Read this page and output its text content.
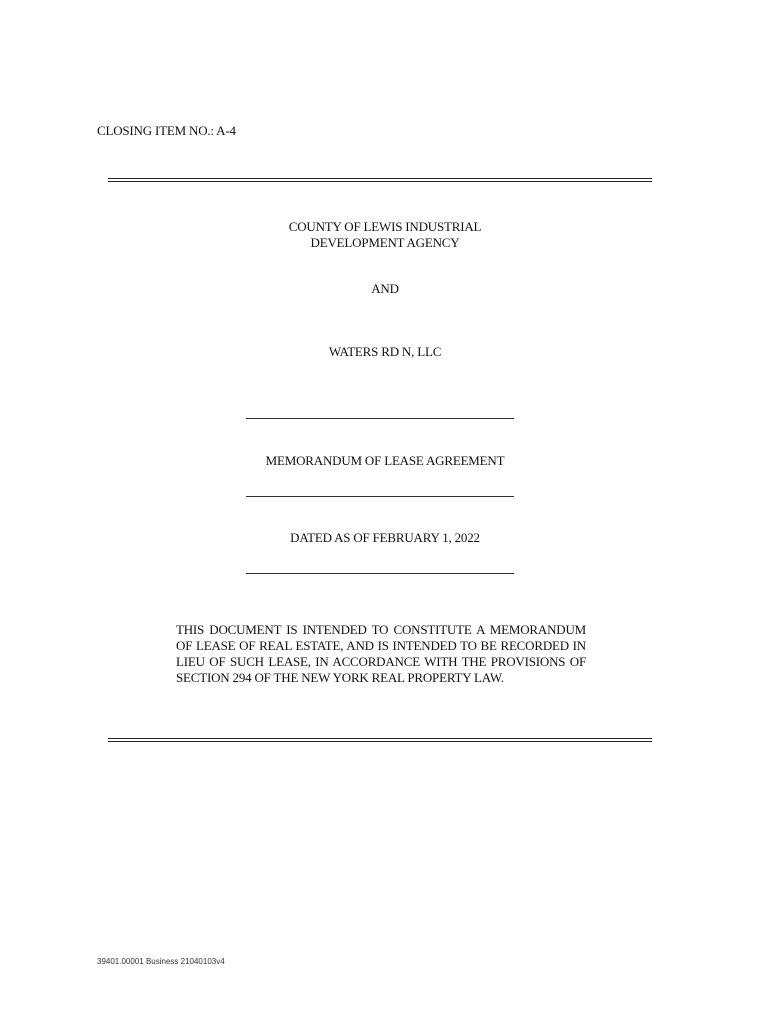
CLOSING ITEM NO.: A-4
COUNTY OF LEWIS INDUSTRIAL
DEVELOPMENT AGENCY
AND
WATERS RD N, LLC
MEMORANDUM OF LEASE AGREEMENT
DATED AS OF FEBRUARY 1, 2022
THIS DOCUMENT IS INTENDED TO CONSTITUTE A MEMORANDUM OF LEASE OF REAL ESTATE, AND IS INTENDED TO BE RECORDED IN LIEU OF SUCH LEASE, IN ACCORDANCE WITH THE PROVISIONS OF SECTION 294 OF THE NEW YORK REAL PROPERTY LAW.
39401.00001 Business 21040103v4
